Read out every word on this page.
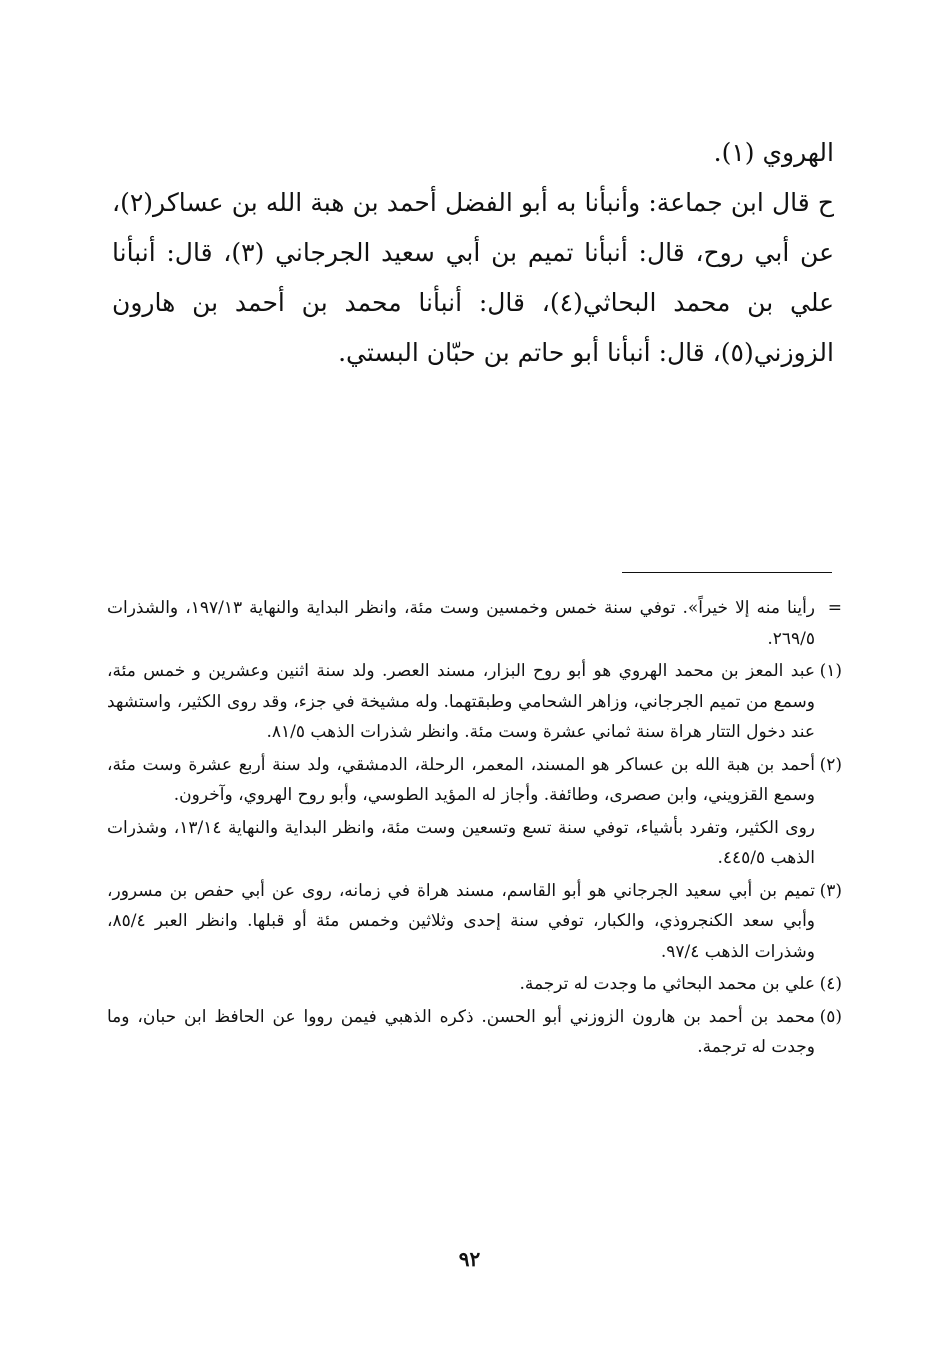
الهروي (١).

ح قال ابن جماعة: وأنبأنا به أبو الفضل أحمد بن هبة الله بن عساكر(٢)، عن أبي روح، قال: أنبأنا تميم بن أبي سعيد الجرجاني (٣)، قال: أنبأنا علي بن محمد البحاثي(٤)، قال: أنبأنا محمد بن أحمد بن هارون الزوزني(٥)، قال: أنبأنا أبو حاتم بن حبّان البستي.

=
رأينا منه إلا خيراً». توفي سنة خمس وخمسين وست مئة، وانظر البداية والنهاية ١٩٧/١٣، والشذرات ٢٦٩/٥.

(١)
عبد المعز بن محمد الهروي هو أبو روح البزار، مسند العصر. ولد سنة اثنين وعشرين و خمس مئة، وسمع من تميم الجرجاني، وزاهر الشحامي وطبقتهما. وله مشيخة في جزء، وقد روى الكثير، واستشهد عند دخول التتار هراة سنة ثماني عشرة وست مئة. وانظر شذرات الذهب ٨١/٥.

(٢)
أحمد بن هبة الله بن عساكر هو المسند، المعمر، الرحلة، الدمشقي، ولد سنة أربع عشرة وست مئة، وسمع القزويني، وابن صصرى، وطائفة. وأجاز له المؤيد الطوسي، وأبو روح الهروي، وآخرون.

روى الكثير، وتفرد بأشياء، توفي سنة تسع وتسعين وست مئة، وانظر البداية والنهاية ١٣/١٤، وشذرات الذهب ٤٤٥/٥.

(٣)
تميم بن أبي سعيد الجرجاني هو أبو القاسم، مسند هراة في زمانه، روى عن أبي حفص بن مسرور، وأبي سعد الكنجروذي، والكبار، توفي سنة إحدى وثلاثين وخمس مئة أو قبلها. وانظر العبر ٨٥/٤، وشذرات الذهب ٩٧/٤.

(٤)
علي بن محمد البحاثي ما وجدت له ترجمة.

(٥)
محمد بن أحمد بن هارون الزوزني أبو الحسن. ذكره الذهبي فيمن رووا عن الحافظ ابن حبان، وما وجدت له ترجمة.

٩٢
